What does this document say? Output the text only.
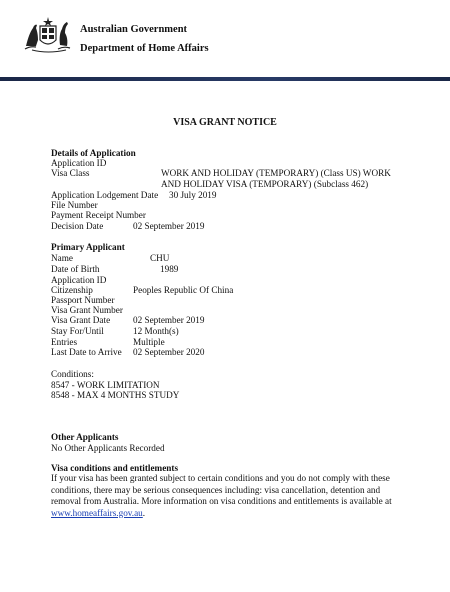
Australian Government
Department of Home Affairs
VISA GRANT NOTICE
Details of Application
Application ID
Visa Class	WORK AND HOLIDAY (TEMPORARY) (Class US) WORK
AND HOLIDAY VISA (TEMPORARY) (Subclass 462)
Application Lodgement Date 30 July 2019
File Number
Payment Receipt Number
Decision Date	02 September 2019
Primary Applicant
Name	CHU
Date of Birth	1989
Application ID
Citizenship	Peoples Republic Of China
Passport Number
Visa Grant Number
Visa Grant Date 02 September 2019
Stay For/Until	12 Month(s)
Entries	Multiple
Last Date to Arrive 02 September 2020
Conditions:
8547 - WORK LIMITATION
8548 - MAX 4 MONTHS STUDY
Other Applicants
No Other Applicants Recorded
Visa conditions and entitlements
If your visa has been granted subject to certain conditions and you do not comply with these conditions, there may be serious consequences including: visa cancellation, detention and removal from Australia. More information on visa conditions and entitlements is available at www.homeaffairs.gov.au.
